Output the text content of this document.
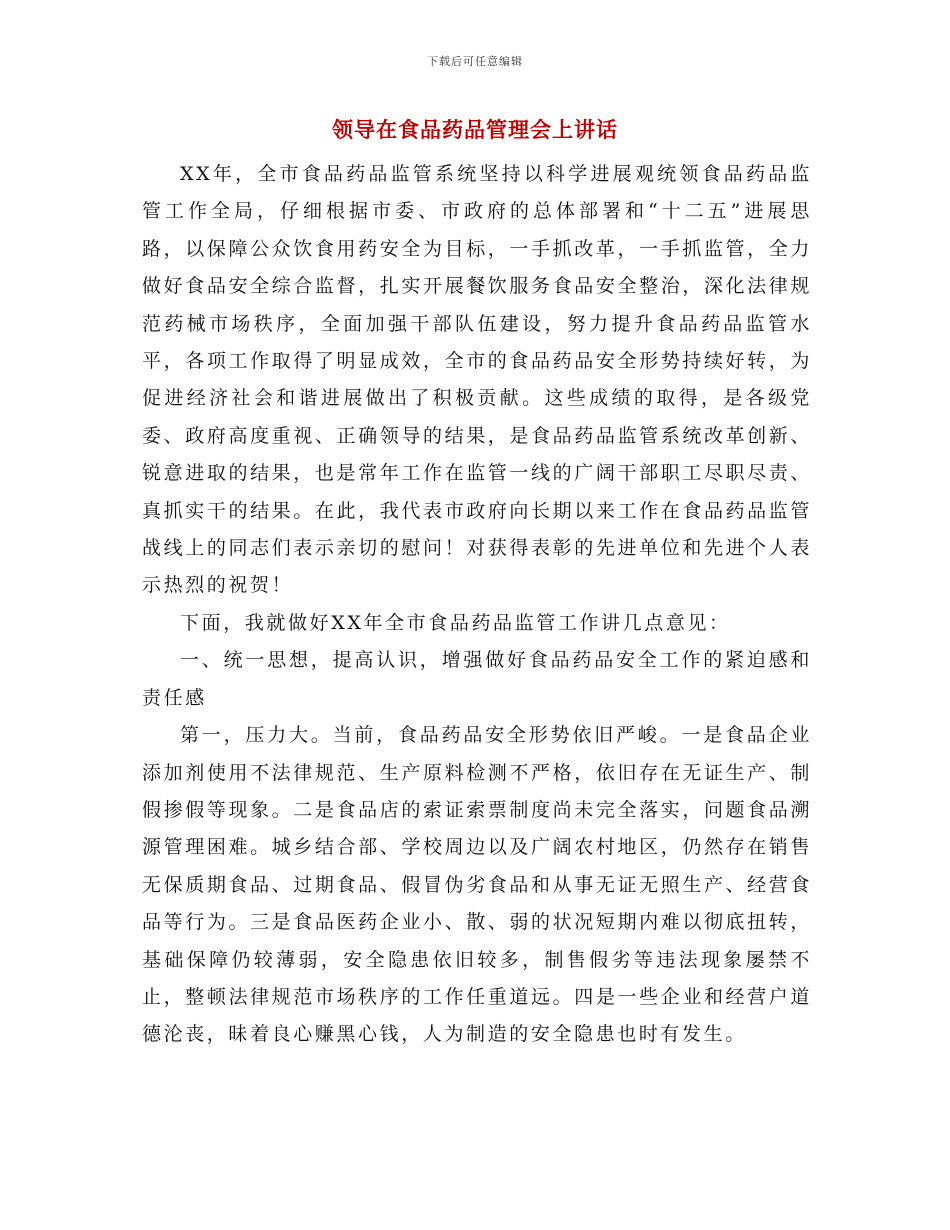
下载后可任意编辑
领导在食品药品管理会上讲话

XX年，全市食品药品监管系统坚持以科学进展观统领食品药品监管工作全局，仔细根据市委、市政府的总体部署和“十二五”进展思路，以保障公众饮食用药安全为目标，一手抓改革，一手抓监管，全力做好食品安全综合监督，扎实开展餐饮服务食品安全整治，深化法律规范药械市场秩序，全面加强干部队伍建设，努力提升食品药品监管水平，各项工作取得了明显成效，全市的食品药品安全形势持续好转，为促进经济社会和谐进展做出了积极贡献。这些成绩的取得，是各级党委、政府高度重视、正确领导的结果，是食品药品监管系统改革创新、锐意进取的结果，也是常年工作在监管一线的广阔干部职工尽职尽责、真抓实干的结果。在此，我代表市政府向长期以来工作在食品药品监管战线上的同志们表示亲切的慰问！对获得表彰的先进单位和先进个人表示热烈的祝贺！

下面，我就做好XX年全市食品药品监管工作讲几点意见：

一、统一思想，提高认识，增强做好食品药品安全工作的紧迫感和责任感

第一，压力大。当前，食品药品安全形势依旧严峻。一是食品企业添加剂使用不法律规范、生产原料检测不严格，依旧存在无证生产、制假掺假等现象。二是食品店的索证索票制度尚未完全落实，问题食品溯源管理困难。城乡结合部、学校周边以及广阔农村地区，仍然存在销售无保质期食品、过期食品、假冒伪劣食品和从事无证无照生产、经营食品等行为。三是食品医药企业小、散、弱的状况短期内难以彻底扭转，基础保障仍较薄弱，安全隐患依旧较多，制售假劣等违法现象屡禁不止，整顿法律规范市场秩序的工作任重道远。四是一些企业和经营户道德沦丧，昧着良心赚黑心钱，人为制造的安全隐患也时有发生。
